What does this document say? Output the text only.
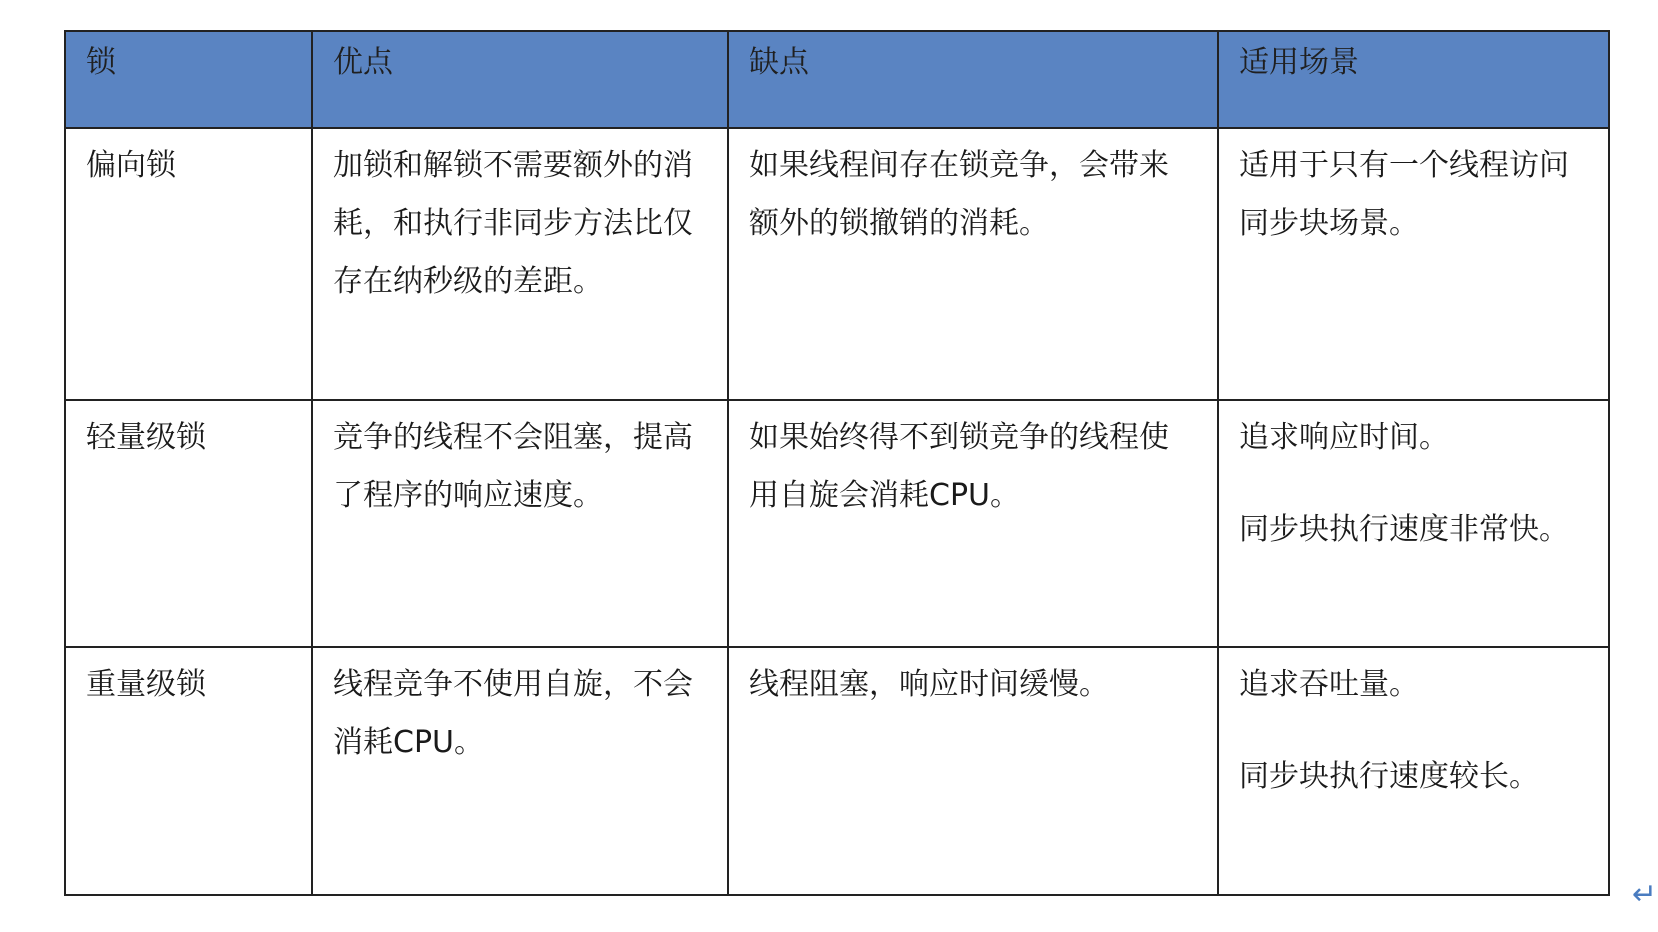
锁	优点	缺点	适用场景
偏向锁	加锁和解锁不需要额外的消耗，和执行非同步方法比仅存在纳秒级的差距。	如果线程间存在锁竞争，会带来额外的锁撤销的消耗。	适用于只有一个线程访问同步块场景。

轻量级锁	竞争的线程不会阻塞，提高了程序的响应速度。	如果始终得不到锁竞争的线程使用自旋会消耗CPU。	追求响应时间。
同步块执行速度非常快。

重量级锁	线程竞争不使用自旋，不会消耗CPU。	线程阻塞，响应时间缓慢。	追求吞吐量。
同步块执行速度较长。
↵
